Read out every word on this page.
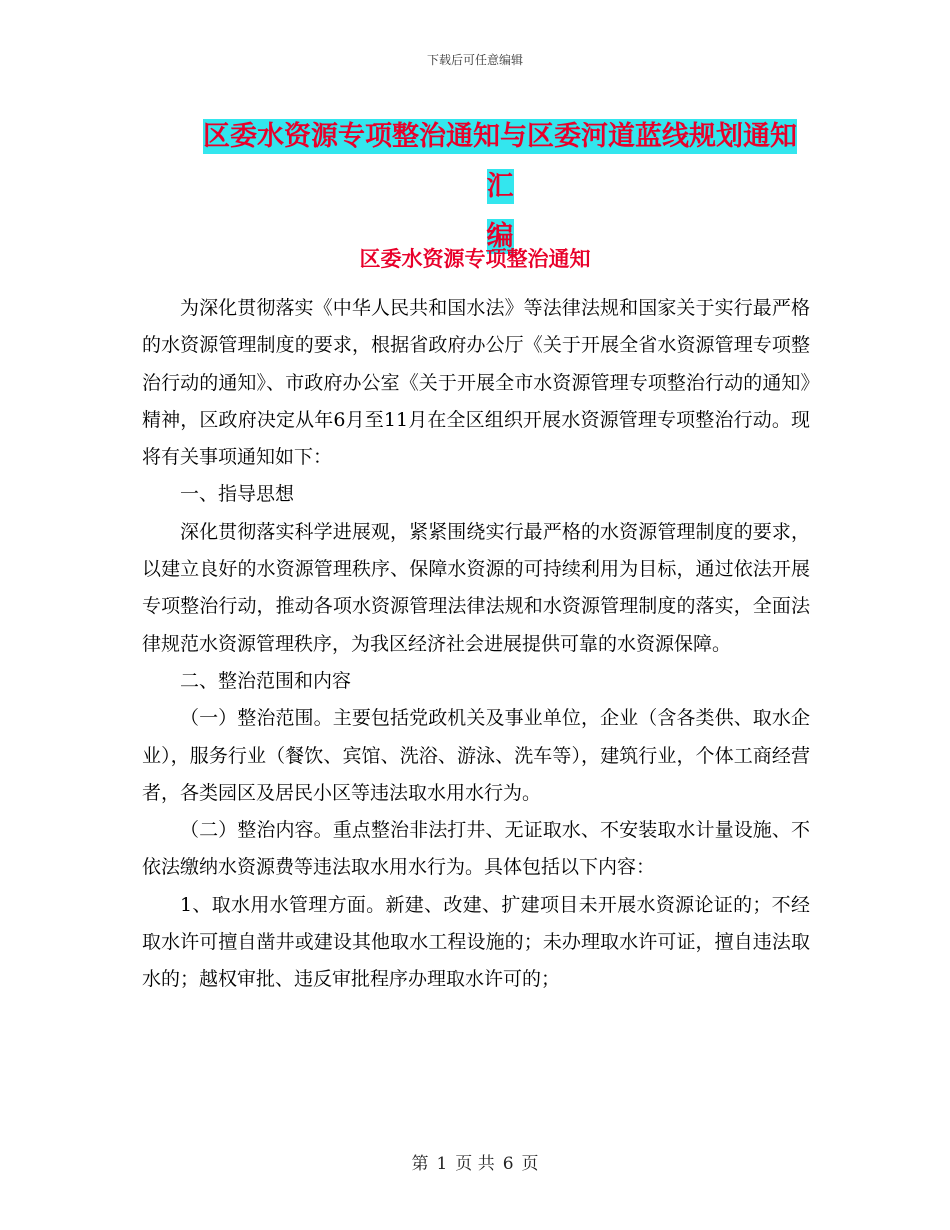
下载后可任意编辑
区委水资源专项整治通知与区委河道蓝线规划通知汇
编
区委水资源专项整治通知

为深化贯彻落实《中华人民共和国水法》等法律法规和国家关于实行最严格的水资源管理制度的要求，根据省政府办公厅《关于开展全省水资源管理专项整治行动的通知》、市政府办公室《关于开展全市水资源管理专项整治行动的通知》精神，区政府决定从年6月至11月在全区组织开展水资源管理专项整治行动。现将有关事项通知如下：

一、指导思想

深化贯彻落实科学进展观，紧紧围绕实行最严格的水资源管理制度的要求，以建立良好的水资源管理秩序、保障水资源的可持续利用为目标，通过依法开展专项整治行动，推动各项水资源管理法律法规和水资源管理制度的落实，全面法律规范水资源管理秩序，为我区经济社会进展提供可靠的水资源保障。

二、整治范围和内容

（一）整治范围。主要包括党政机关及事业单位，企业（含各类供、取水企业），服务行业（餐饮、宾馆、洗浴、游泳、洗车等），建筑行业，个体工商经营者，各类园区及居民小区等违法取水用水行为。

（二）整治内容。重点整治非法打井、无证取水、不安装取水计量设施、不依法缴纳水资源费等违法取水用水行为。具体包括以下内容：

1、取水用水管理方面。新建、改建、扩建项目未开展水资源论证的；不经取水许可擅自凿井或建设其他取水工程设施的；未办理取水许可证，擅自违法取水的；越权审批、违反审批程序办理取水许可的；

第 1 页 共 6 页
